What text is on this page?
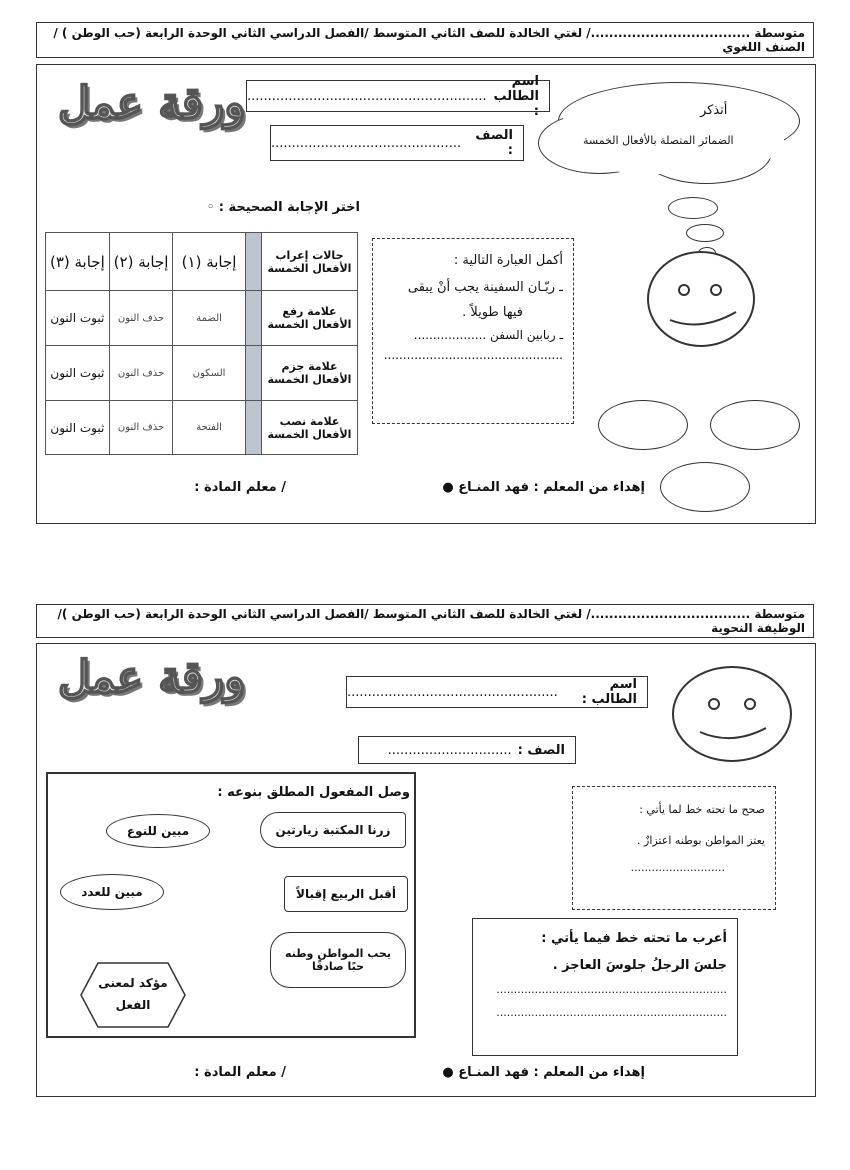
متوسطة .................................../ لغتي الخالدة للصف الثاني المتوسط /الفصل الدراسي الثاني الوحدة الرابعة (حب الوطن ) / الصنف اللغوي
ورقة عمل	اسم الطالب :
..........................................................
الصف :
..............................................
أتذكر
الضمائر المتصلة بالأفعال الخمسة
اختر الإجابة الصحيحة : ◦
حالات إعراب الأفعال الخمسة		إجابة (١)	إجابة (٢)	إجابة (٣)
علامة رفع الأفعال الخمسة		الضمة	حذف النون	ثبوت النون
علامة جزم الأفعال الخمسة		السكون	حذف النون	ثبوت النون
علامة نصب الأفعال الخمسة		الفتحة	حذف النون	ثبوت النون
أكمل العبارة التالية :
ـ ربّـان السفينة يجب أنْ يبقى
فيها طويلاً .
ـ ربابين السفن ...................
...............................................
إهداء من المعلم : فهد المنـاع ●
/ معلم المادة :
متوسطة .................................../ لغتي الخالدة للصف الثاني المتوسط /الفصل الدراسي الثاني الوحدة الرابعة (حب الوطن )/الوظيفة النحوية
ورقة عمل	اسم الطالب :
...................................................
الصف :
..............................
وصل المفعول المطلق بنوعه :
زرنا المكتبة زيارتين
أقبل الربيع إقبالاً
يحب المواطن وطنه حبًا صادقًا
مبين للنوع
مبين للعدد
مؤكد لمعنى الفعل
صحح ما تحته خط لما يأتي :
يعتز المواطن بوطنه اعتزازٌ .
...........................
أعرب ما تحته خط فيما يأتي :
جلسَ الرجلُ جلوسَ العاجز .
..................................................................
..................................................................
إهداء من المعلم : فهد المنـاع ●
/ معلم المادة :
